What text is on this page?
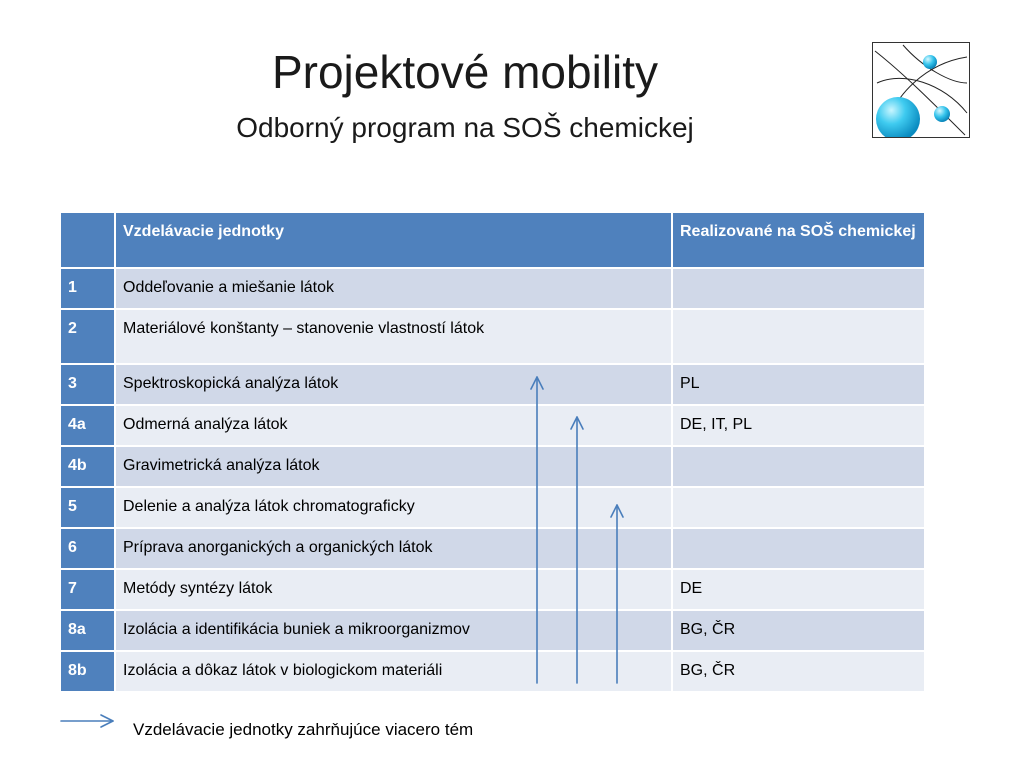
Projektové mobility
Odborný program na SOŠ chemickej
	Vzdelávacie jednotky	Realizované na SOŠ chemickej
1	Oddeľovanie a miešanie látok	
2	Materiálové konštanty – stanovenie vlastností látok	
3	Spektroskopická analýza látok	PL
4a	Odmerná analýza látok	DE, IT, PL
4b	Gravimetrická analýza látok	
5	Delenie a analýza látok chromatograficky	
6	Príprava anorganických a organických látok	
7	Metódy syntézy látok	DE
8a	Izolácia a identifikácia buniek a mikroorganizmov	BG, ČR
8b	Izolácia a dôkaz látok v biologickom materiáli	BG, ČR
Vzdelávacie jednotky zahrňujúce viacero tém
